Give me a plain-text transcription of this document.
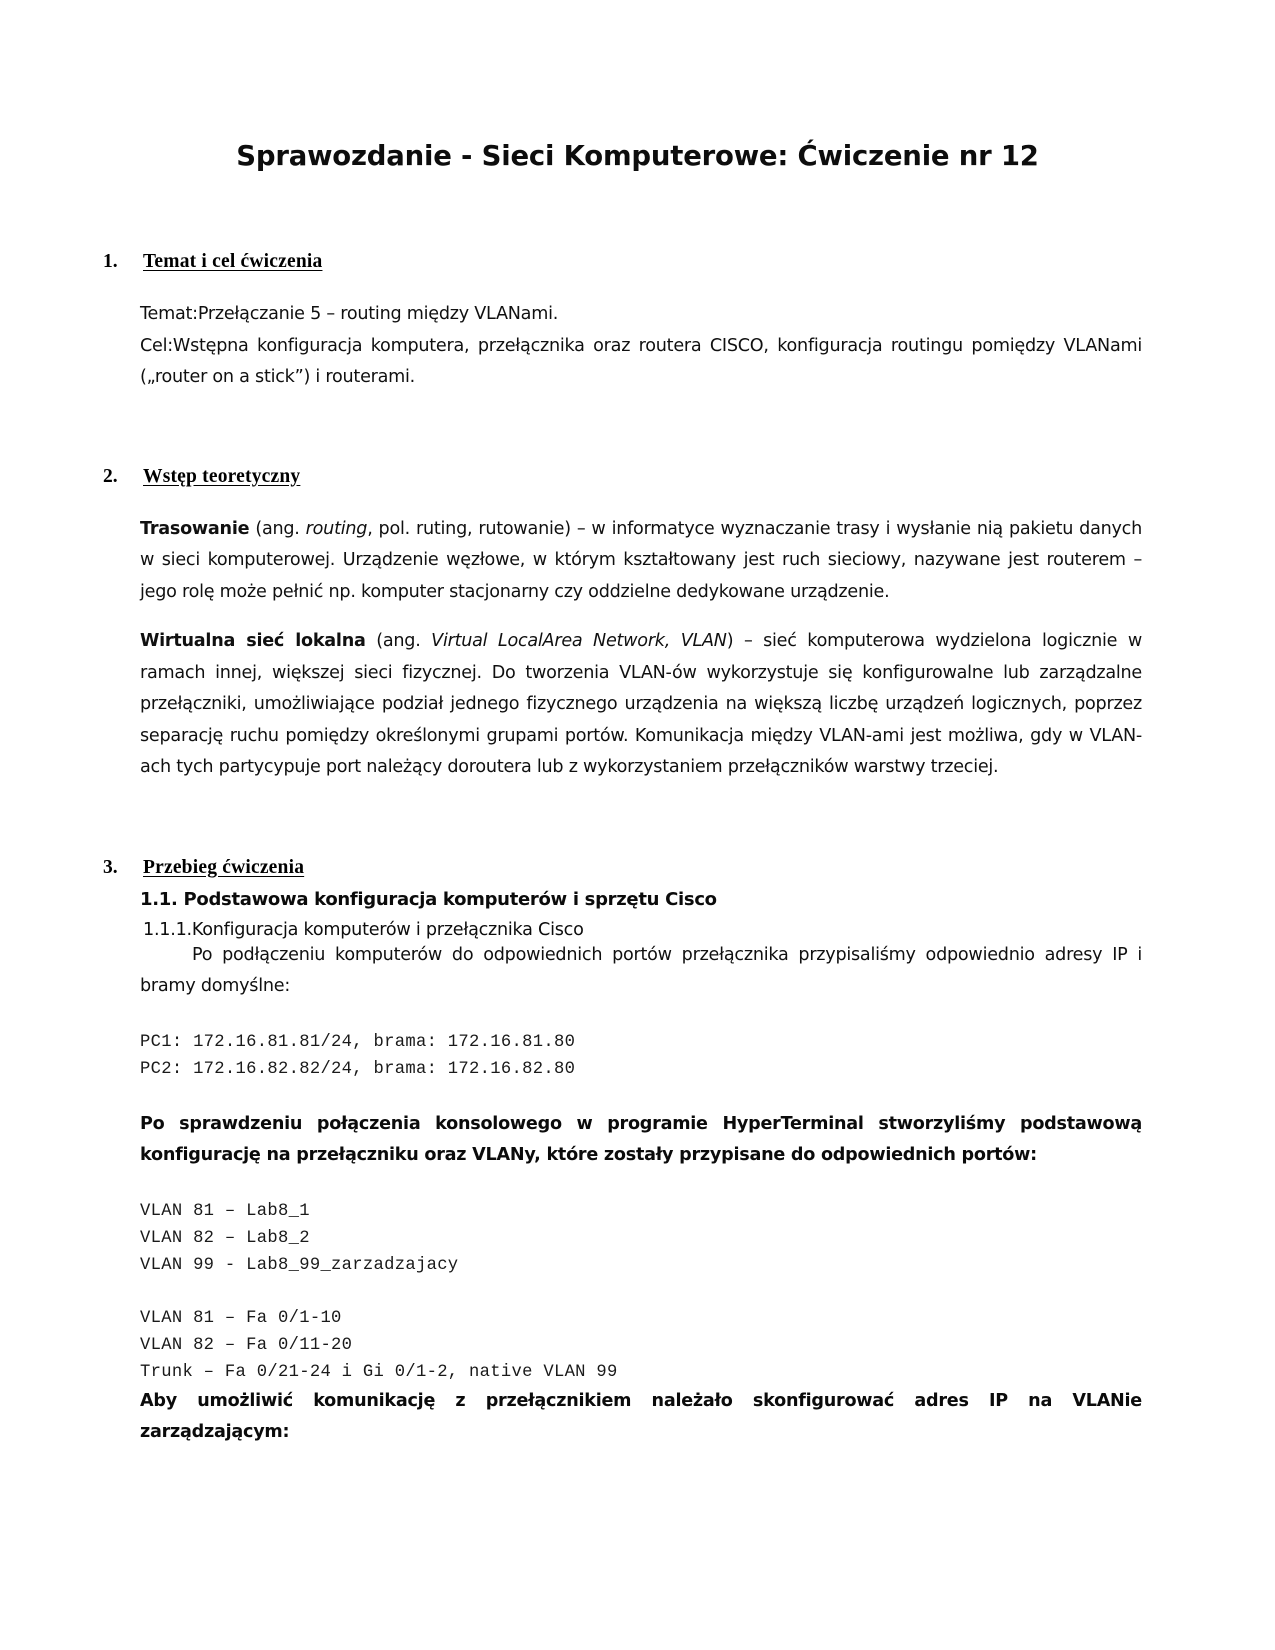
Sprawozdanie - Sieci Komputerowe: Ćwiczenie nr 12
1.	Temat i cel ćwiczenia

Temat:Przełączanie 5 – routing między VLANami.

Cel:Wstępna konfiguracja komputera, przełącznika oraz routera CISCO, konfiguracja routingu pomiędzy VLANami („router on a stick”) i routerami.

2.	Wstęp teoretyczny

Trasowanie (ang. routing, pol. ruting, rutowanie) – w informatyce wyznaczanie trasy i wysłanie nią pakietu danych w sieci komputerowej. Urządzenie węzłowe, w którym kształtowany jest ruch sieciowy, nazywane jest routerem – jego rolę może pełnić np. komputer stacjonarny czy oddzielne dedykowane urządzenie.

Wirtualna sieć lokalna (ang. Virtual LocalArea Network, VLAN) – sieć komputerowa wydzielona logicznie w ramach innej, większej sieci fizycznej. Do tworzenia VLAN-ów wykorzystuje się konfigurowalne lub zarządzalne przełączniki, umożliwiające podział jednego fizycznego urządzenia na większą liczbę urządzeń logicznych, poprzez separację ruchu pomiędzy określonymi grupami portów. Komunikacja między VLAN-ami jest możliwa, gdy w VLAN-ach tych partycypuje port należący doroutera lub z wykorzystaniem przełączników warstwy trzeciej.

3.	Przebieg ćwiczenia

1.1. Podstawowa konfiguracja komputerów i sprzętu Cisco

1.1.1.Konfiguracja komputerów i przełącznika Cisco

Po podłączeniu komputerów do odpowiednich portów przełącznika przypisaliśmy odpowiednio adresy IP i bramy domyślne:

PC1: 172.16.81.81/24, brama: 172.16.81.80

PC2: 172.16.82.82/24, brama: 172.16.82.80

Po sprawdzeniu połączenia konsolowego w programie HyperTerminal stworzyliśmy podstawową konfigurację na przełączniku oraz VLANy, które zostały przypisane do odpowiednich portów:

VLAN 81 – Lab8_1

VLAN 82 – Lab8_2

VLAN 99 - Lab8_99_zarzadzajacy

VLAN 81 – Fa 0/1-10

VLAN 82 – Fa 0/11-20

Trunk – Fa 0/21-24 i Gi 0/1-2, native VLAN 99

Aby umożliwić komunikację z przełącznikiem należało skonfigurować adres IP na VLANie zarządzającym:
